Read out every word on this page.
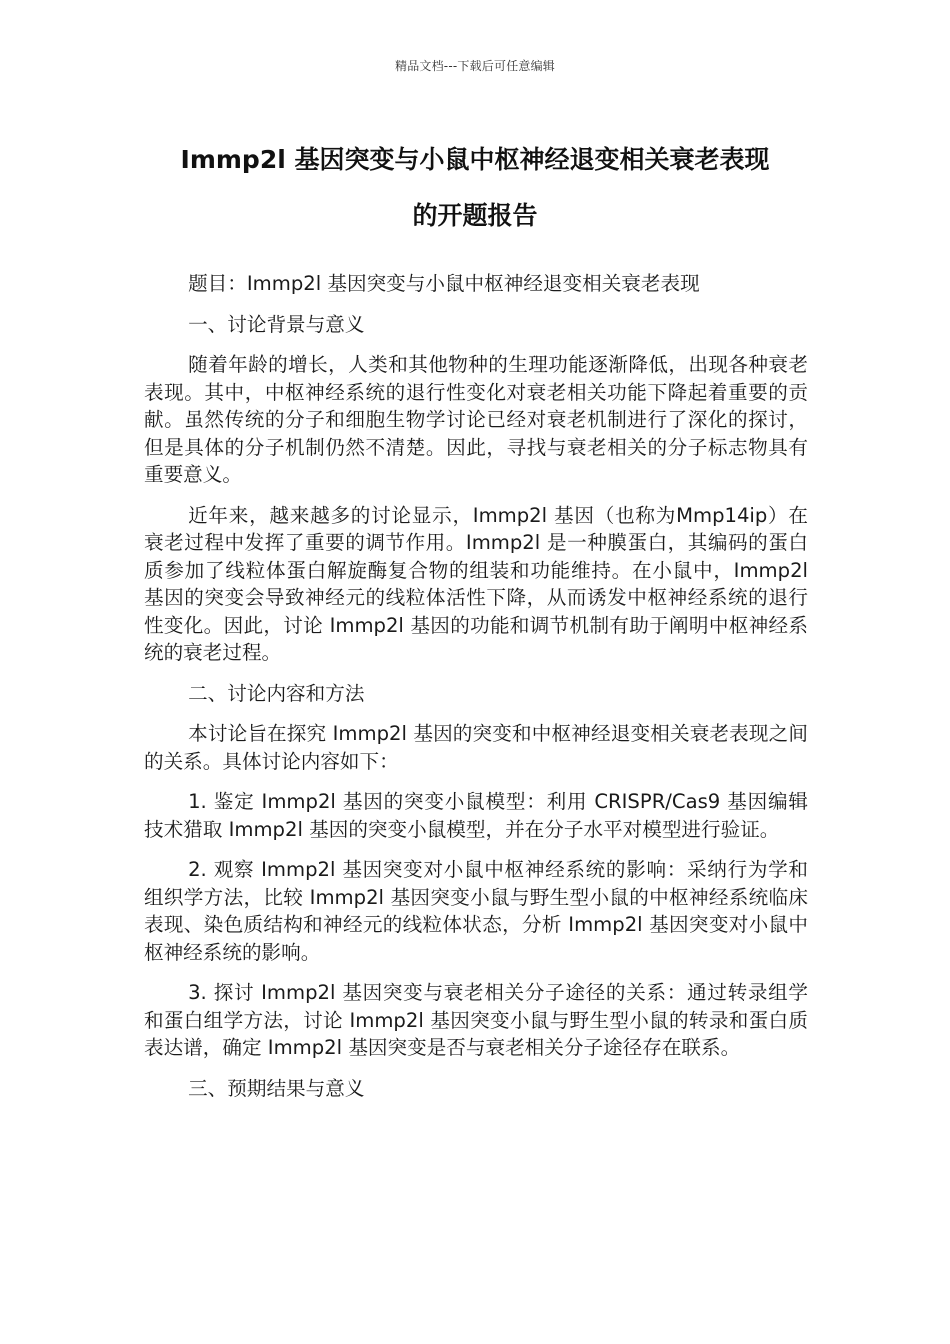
精品文档---下载后可任意编辑
Immp2l 基因突变与小鼠中枢神经退变相关衰老表现
的开题报告

题目：Immp2l 基因突变与小鼠中枢神经退变相关衰老表现

一、讨论背景与意义

随着年龄的增长，人类和其他物种的生理功能逐渐降低，出现各种衰老表现。其中，中枢神经系统的退行性变化对衰老相关功能下降起着重要的贡献。虽然传统的分子和细胞生物学讨论已经对衰老机制进行了深化的探讨，但是具体的分子机制仍然不清楚。因此，寻找与衰老相关的分子标志物具有重要意义。

近年来，越来越多的讨论显示，Immp2l 基因（也称为Mmp14ip）在衰老过程中发挥了重要的调节作用。Immp2l 是一种膜蛋白，其编码的蛋白质参加了线粒体蛋白解旋酶复合物的组装和功能维持。在小鼠中，Immp2l 基因的突变会导致神经元的线粒体活性下降，从而诱发中枢神经系统的退行性变化。因此，讨论 Immp2l 基因的功能和调节机制有助于阐明中枢神经系统的衰老过程。

二、讨论内容和方法

本讨论旨在探究 Immp2l 基因的突变和中枢神经退变相关衰老表现之间的关系。具体讨论内容如下：

1. 鉴定 Immp2l 基因的突变小鼠模型：利用 CRISPR/Cas9 基因编辑技术猎取 Immp2l 基因的突变小鼠模型，并在分子水平对模型进行验证。

2. 观察 Immp2l 基因突变对小鼠中枢神经系统的影响：采纳行为学和组织学方法，比较 Immp2l 基因突变小鼠与野生型小鼠的中枢神经系统临床表现、染色质结构和神经元的线粒体状态，分析 Immp2l 基因突变对小鼠中枢神经系统的影响。

3. 探讨 Immp2l 基因突变与衰老相关分子途径的关系：通过转录组学和蛋白组学方法，讨论 Immp2l 基因突变小鼠与野生型小鼠的转录和蛋白质表达谱，确定 Immp2l 基因突变是否与衰老相关分子途径存在联系。

三、预期结果与意义
